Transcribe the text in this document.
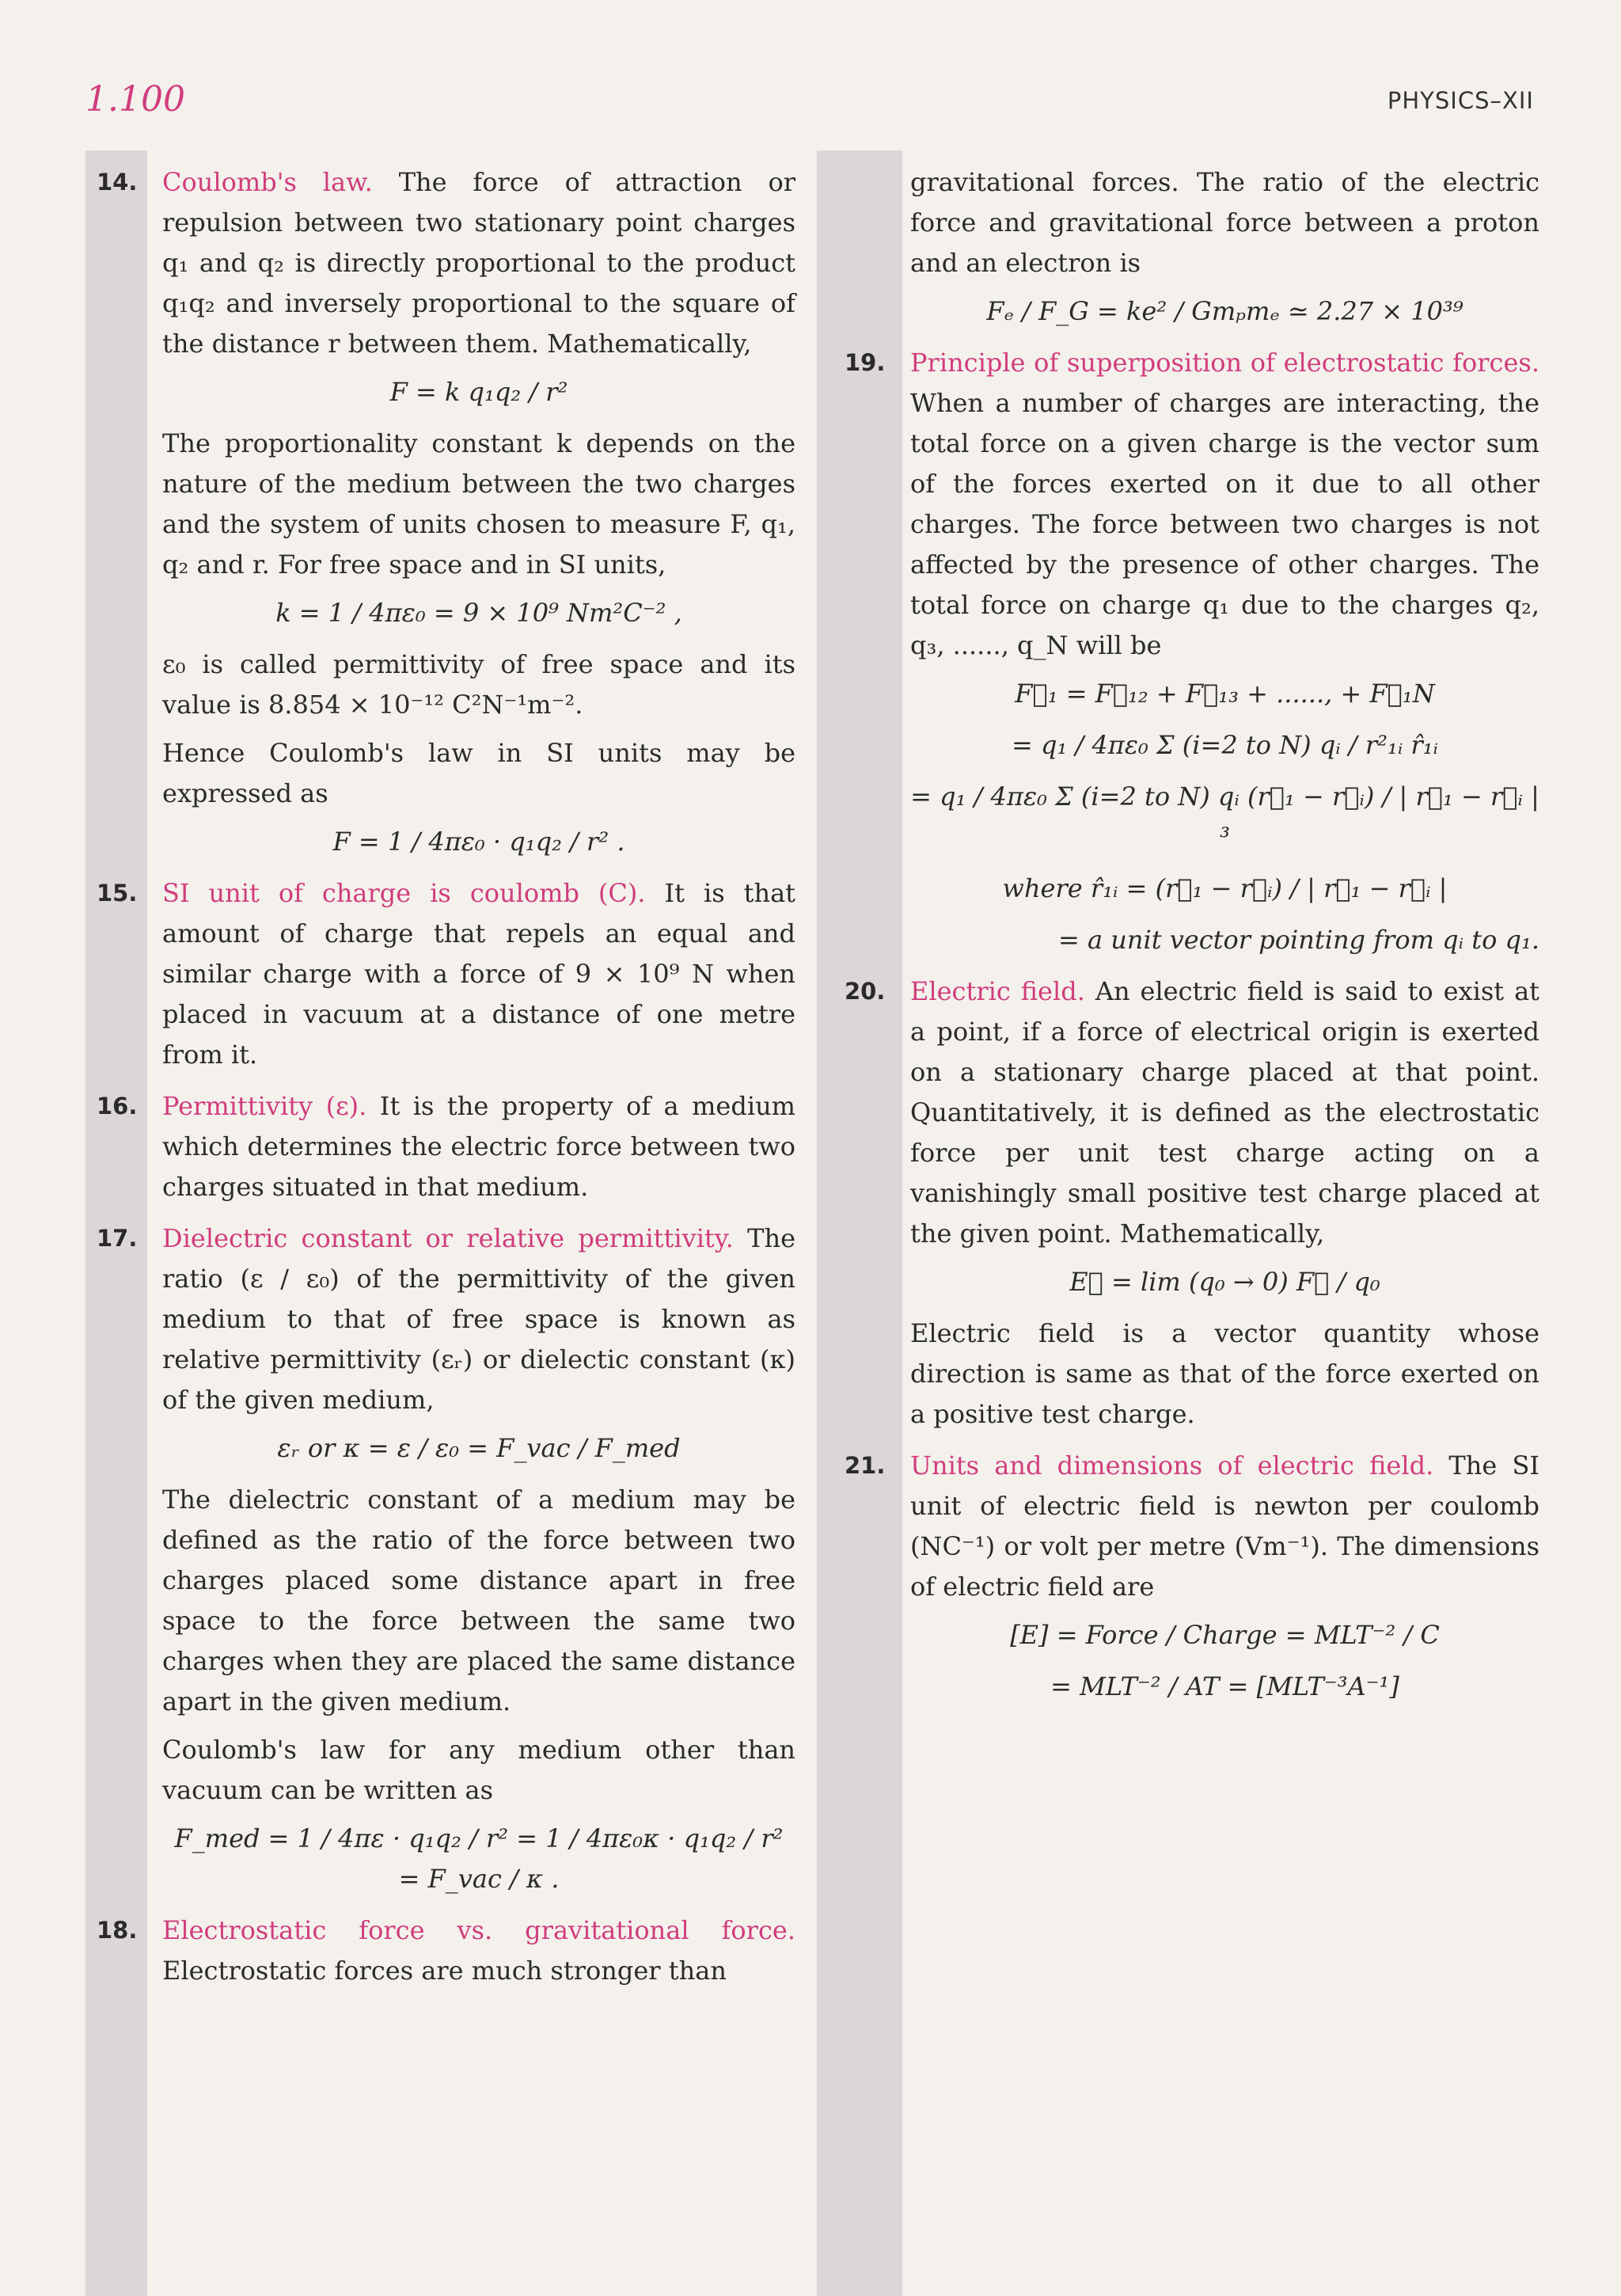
1.100	PHYSICS–XII
14. Coulomb's law. The force of attraction or repulsion between two stationary point charges q₁ and q₂ is directly proportional to the product q₁q₂ and inversely proportional to the square of the distance r between them. Mathematically,

F = k q₁q₂ / r²

The proportionality constant k depends on the nature of the medium between the two charges and the system of units chosen to measure F, q₁, q₂ and r. For free space and in SI units,

k = 1 / 4πε₀ = 9 × 10⁹ Nm²C⁻² ,

ε₀ is called permittivity of free space and its value is 8.854 × 10⁻¹² C²N⁻¹m⁻².

Hence Coulomb's law in SI units may be expressed as

F = 1 / 4πε₀ · q₁q₂ / r² .
15. SI unit of charge is coulomb (C). It is that amount of charge that repels an equal and similar charge with a force of 9 × 10⁹ N when placed in vacuum at a distance of one metre from it.

16. Permittivity (ε). It is the property of a medium which determines the electric force between two charges situated in that medium.

17. Dielectric constant or relative permittivity. The ratio (ε / ε₀) of the permittivity of the given medium to that of free space is known as relative permittivity (εᵣ) or dielectic constant (κ) of the given medium,

εᵣ or κ = ε / ε₀ = F_vac / F_med

The dielectric constant of a medium may be defined as the ratio of the force between two charges placed some distance apart in free space to the force between the same two charges when they are placed the same distance apart in the given medium.

Coulomb's law for any medium other than vacuum can be written as

F_med = 1 / 4πε · q₁q₂ / r² = 1 / 4πε₀κ · q₁q₂ / r² = F_vac / κ .
18. Electrostatic force vs. gravitational force. Electrostatic forces are much stronger than

gravitational forces. The ratio of the electric force and gravitational force between a proton and an electron is

Fₑ / F_G = ke² / Gmₚmₑ ≃ 2.27 × 10³⁹
19. Principle of superposition of electrostatic forces. When a number of charges are interacting, the total force on a given charge is the vector sum of the forces exerted on it due to all other charges. The force between two charges is not affected by the presence of other charges. The total force on charge q₁ due to the charges q₂, q₃, ......, q_N will be

F⃗₁ = F⃗₁₂ + F⃗₁₃ + ......, + F⃗₁N
= q₁ / 4πε₀ Σ (i=2 to N) qᵢ / r²₁ᵢ r̂₁ᵢ
= q₁ / 4πε₀ Σ (i=2 to N) qᵢ (r⃗₁ − r⃗ᵢ) / | r⃗₁ − r⃗ᵢ |³
where r̂₁ᵢ = (r⃗₁ − r⃗ᵢ) / | r⃗₁ − r⃗ᵢ |
= a unit vector pointing from qᵢ to q₁.
20. Electric field. An electric field is said to exist at a point, if a force of electrical origin is exerted on a stationary charge placed at that point. Quantitatively, it is defined as the electrostatic force per unit test charge acting on a vanishingly small positive test charge placed at the given point. Mathematically,

E⃗ = lim (q₀ → 0) F⃗ / q₀

Electric field is a vector quantity whose direction is same as that of the force exerted on a positive test charge.

21. Units and dimensions of electric field. The SI unit of electric field is newton per coulomb (NC⁻¹) or volt per metre (Vm⁻¹). The dimensions of electric field are

[E] = Force / Charge = MLT⁻² / C
= MLT⁻² / AT = [MLT⁻³A⁻¹]
